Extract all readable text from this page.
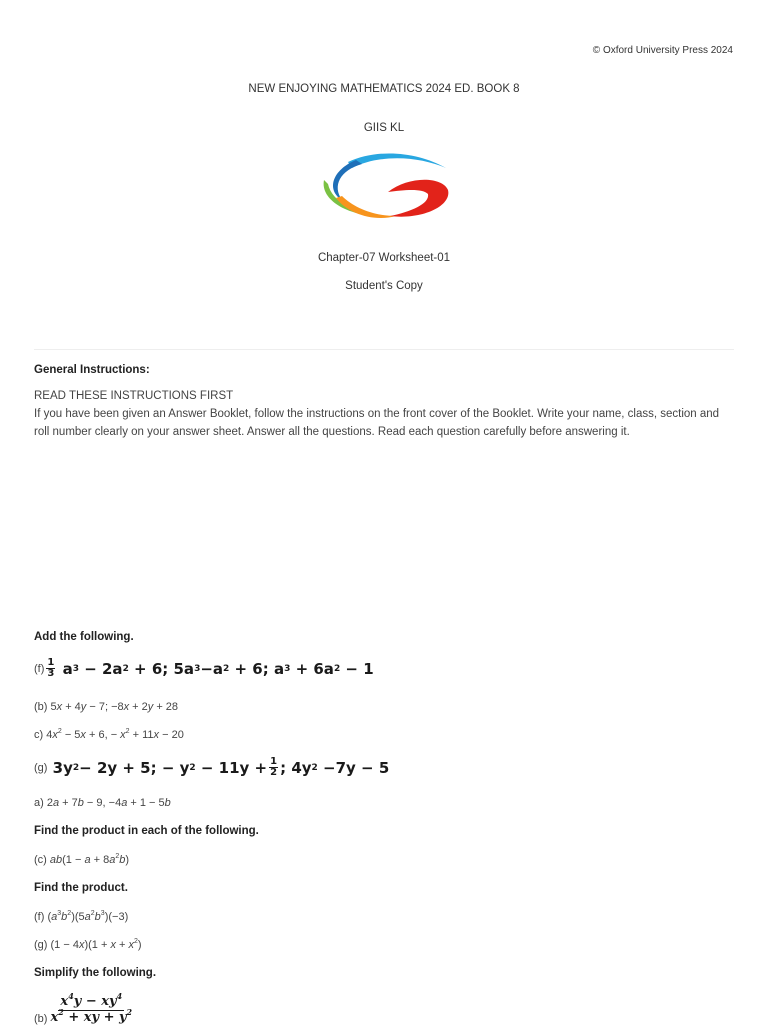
© Oxford University Press 2024
NEW ENJOYING MATHEMATICS 2024 ED. BOOK 8
GIIS KL
Chapter-07 Worksheet-01
Student's Copy
General Instructions:
READ THESE INSTRUCTIONS FIRST
If you have been given an Answer Booklet, follow the instructions on the front cover of the Booklet. Write your name, class, section and roll number clearly on your answer sheet. Answer all the questions. Read each question carefully before answering it.
Add the following.
$(f) \frac{1}{3}$ a 3 − 2a 2 + 6; 5a 3 −a 2 + 6; a 3 + 6a 2 − 1
(b) 5x + 4y − 7; −8x + 2y + 28
c) $4x^2 - 5x + 6$, − $x^2 + 11x - 20$
(g) 3y 2 − 2y + 5; − y $2 - 11y + \frac{1}{2}$ ; 4y 2 −7y − 5
a) 2a + 7b − 9, −4a + 1 − 5b
Find the product in each of the following.
(c) $ab(1 - a + 8a^2b)$
Find the product.
(f) $(a^3b^2)(5a^2b^3)(-3)$
(g) $(1 - 4x)(1 + x + x^2)$
Simplify the following.
$(b) \frac{x^4y - xy^4}{x^2 + xy + y^2}$
